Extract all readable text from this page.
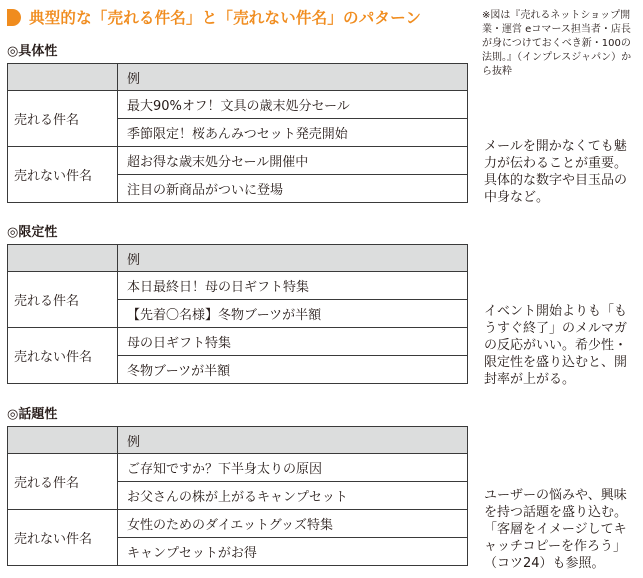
典型的な「売れる件名」と「売れない件名」のパターン	※図は『売れるネットショップ開業・運営 eコマース担当者・店長が身につけておくべき新・100の法則。』（インプレスジャパン）から抜粋
◎具体性
	例
売れる件名	最大90%オフ！文具の歳末処分セール
	季節限定！桜あんみつセット発売開始
売れない件名	超お得な歳末処分セール開催中
	注目の新商品がついに登場
メールを開かなくても魅力が伝わることが重要。具体的な数字や目玉品の中身など。
◎限定性
	例
売れる件名	本日最終日！母の日ギフト特集
	【先着〇名様】冬物ブーツが半額
売れない件名	母の日ギフト特集
	冬物ブーツが半額
イベント開始よりも「もうすぐ終了」のメルマガの反応がいい。希少性・限定性を盛り込むと、開封率が上がる。
◎話題性
	例
売れる件名	ご存知ですか？下半身太りの原因
	お父さんの株が上がるキャンプセット
売れない件名	女性のためのダイエットグッズ特集
	キャンプセットがお得
ユーザーの悩みや、興味を持つ話題を盛り込む。「客層をイメージしてキャッチコピーを作ろう」（コツ24）も参照。
